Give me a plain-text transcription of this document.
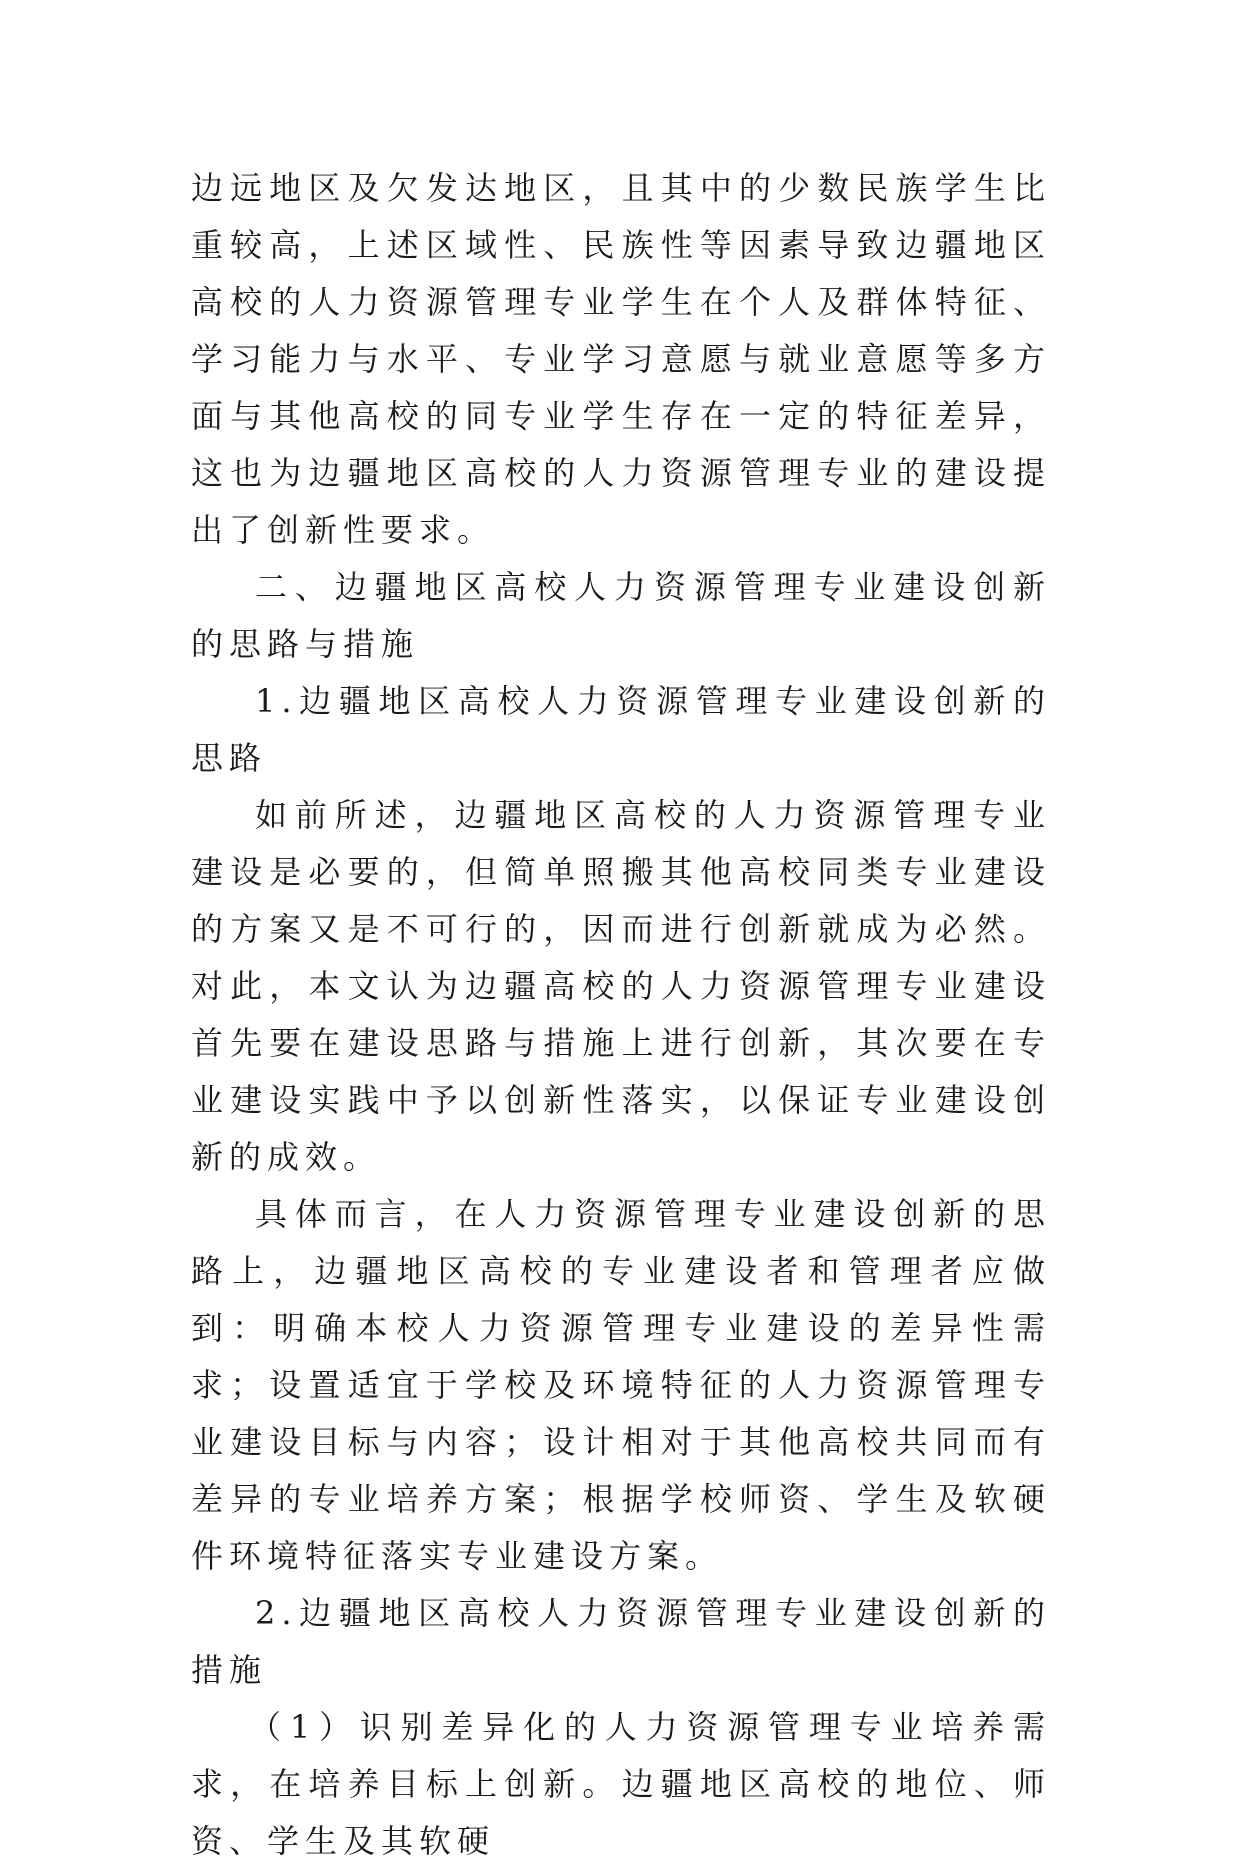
边远地区及欠发达地区，且其中的少数民族学生比重较高，上述区域性、民族性等因素导致边疆地区高校的人力资源管理专业学生在个人及群体特征、学习能力与水平、专业学习意愿与就业意愿等多方面与其他高校的同专业学生存在一定的特征差异，这也为边疆地区高校的人力资源管理专业的建设提出了创新性要求。

二、边疆地区高校人力资源管理专业建设创新的思路与措施

1.边疆地区高校人力资源管理专业建设创新的思路

如前所述，边疆地区高校的人力资源管理专业建设是必要的，但简单照搬其他高校同类专业建设的方案又是不可行的，因而进行创新就成为必然。对此，本文认为边疆高校的人力资源管理专业建设首先要在建设思路与措施上进行创新，其次要在专业建设实践中予以创新性落实，以保证专业建设创新的成效。

具体而言，在人力资源管理专业建设创新的思路上，边疆地区高校的专业建设者和管理者应做到：明确本校人力资源管理专业建设的差异性需求；设置适宜于学校及环境特征的人力资源管理专业建设目标与内容；设计相对于其他高校共同而有差异的专业培养方案；根据学校师资、学生及软硬件环境特征落实专业建设方案。

2.边疆地区高校人力资源管理专业建设创新的措施

（1）识别差异化的人力资源管理专业培养需求，在培养目标上创新。边疆地区高校的地位、师资、学生及其软硬
